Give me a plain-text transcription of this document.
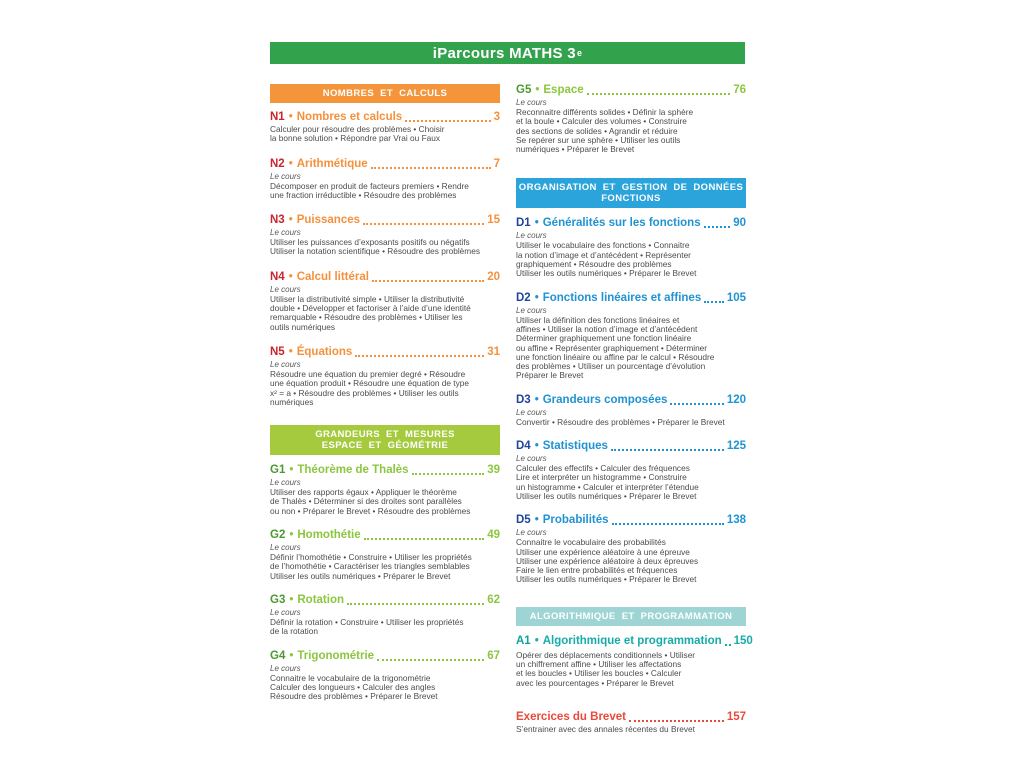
iParcours MATHS 3 e
NOMBRES ET CALCULS
N1 • Nombres et calculs	3
Calculer pour résoudre des problèmes • Choisir
la bonne solution • Répondre par Vrai ou Faux
N2 • Arithmétique	7
Le cours
Décomposer en produit de facteurs premiers • Rendre
une fraction irréductible • Résoudre des problèmes
N3 • Puissances	15
Le cours
Utiliser les puissances d’exposants positifs ou négatifs
Utiliser la notation scientifique • Résoudre des problèmes
N4 • Calcul littéral	20
Le cours
Utiliser la distributivité simple • Utiliser la distributivité
double • Développer et factoriser à l’aide d’une identité
remarquable • Résoudre des problèmes • Utiliser les
outils numériques
N5 • Équations	31
Le cours
Résoudre une équation du premier degré • Résoudre
une équation produit • Résoudre une équation de type
x² = a • Résoudre des problèmes • Utiliser les outils
numériques
GRANDEURS ET MESURES
ESPACE ET GÉOMÉTRIE
G1 • Théorème de Thalès	39
Le cours
Utiliser des rapports égaux • Appliquer le théorème
de Thalès • Déterminer si des droites sont parallèles
ou non • Préparer le Brevet • Résoudre des problèmes
G2 • Homothétie	49
Le cours
Définir l’homothétie • Construire • Utiliser les propriétés
de l’homothétie • Caractériser les triangles semblables
Utiliser les outils numériques • Préparer le Brevet
G3 • Rotation	62
Le cours
Définir la rotation • Construire • Utiliser les propriétés
de la rotation
G4 • Trigonométrie	67
Le cours
Connaitre le vocabulaire de la trigonométrie
Calculer des longueurs • Calculer des angles
Résoudre des problèmes • Préparer le Brevet
G5 • Espace	76
Le cours
Reconnaitre différents solides • Définir la sphère
et la boule • Calculer des volumes • Construire
des sections de solides • Agrandir et réduire
Se repérer sur une sphère • Utiliser les outils
numériques • Préparer le Brevet
ORGANISATION ET GESTION DE DONNÉES
FONCTIONS
D1 • Généralités sur les fonctions	90
Le cours
Utiliser le vocabulaire des fonctions • Connaitre
la notion d’image et d’antécédent • Représenter
graphiquement • Résoudre des problèmes
Utiliser les outils numériques • Préparer le Brevet
D2 • Fonctions linéaires et affines 105
Le cours
Utiliser la définition des fonctions linéaires et
affines • Utiliser la notion d’image et d’antécédent
Déterminer graphiquement une fonction linéaire
ou affine • Représenter graphiquement • Déterminer
une fonction linéaire ou affine par le calcul • Résoudre
des problèmes • Utiliser un pourcentage d’évolution
Préparer le Brevet
D3 • Grandeurs composées	120
Le cours
Convertir • Résoudre des problèmes • Préparer le Brevet
D4 • Statistiques	125
Le cours
Calculer des effectifs • Calculer des fréquences
Lire et interpréter un histogramme • Construire
un histogramme • Calculer et interpréter l’étendue
Utiliser les outils numériques • Préparer le Brevet
D5 • Probabilités	138
Le cours
Connaitre le vocabulaire des probabilités
Utiliser une expérience aléatoire à une épreuve
Utiliser une expérience aléatoire à deux épreuves
Faire le lien entre probabilités et fréquences
Utiliser les outils numériques • Préparer le Brevet
ALGORITHMIQUE ET PROGRAMMATION
A1 • Algorithmique et programmation 150
Opérer des déplacements conditionnels • Utiliser
un chiffrement affine • Utiliser les affectations
et les boucles • Utiliser les boucles • Calculer
avec les pourcentages • Préparer le Brevet
Exercices du Brevet	157
S’entrainer avec des annales récentes du Brevet
